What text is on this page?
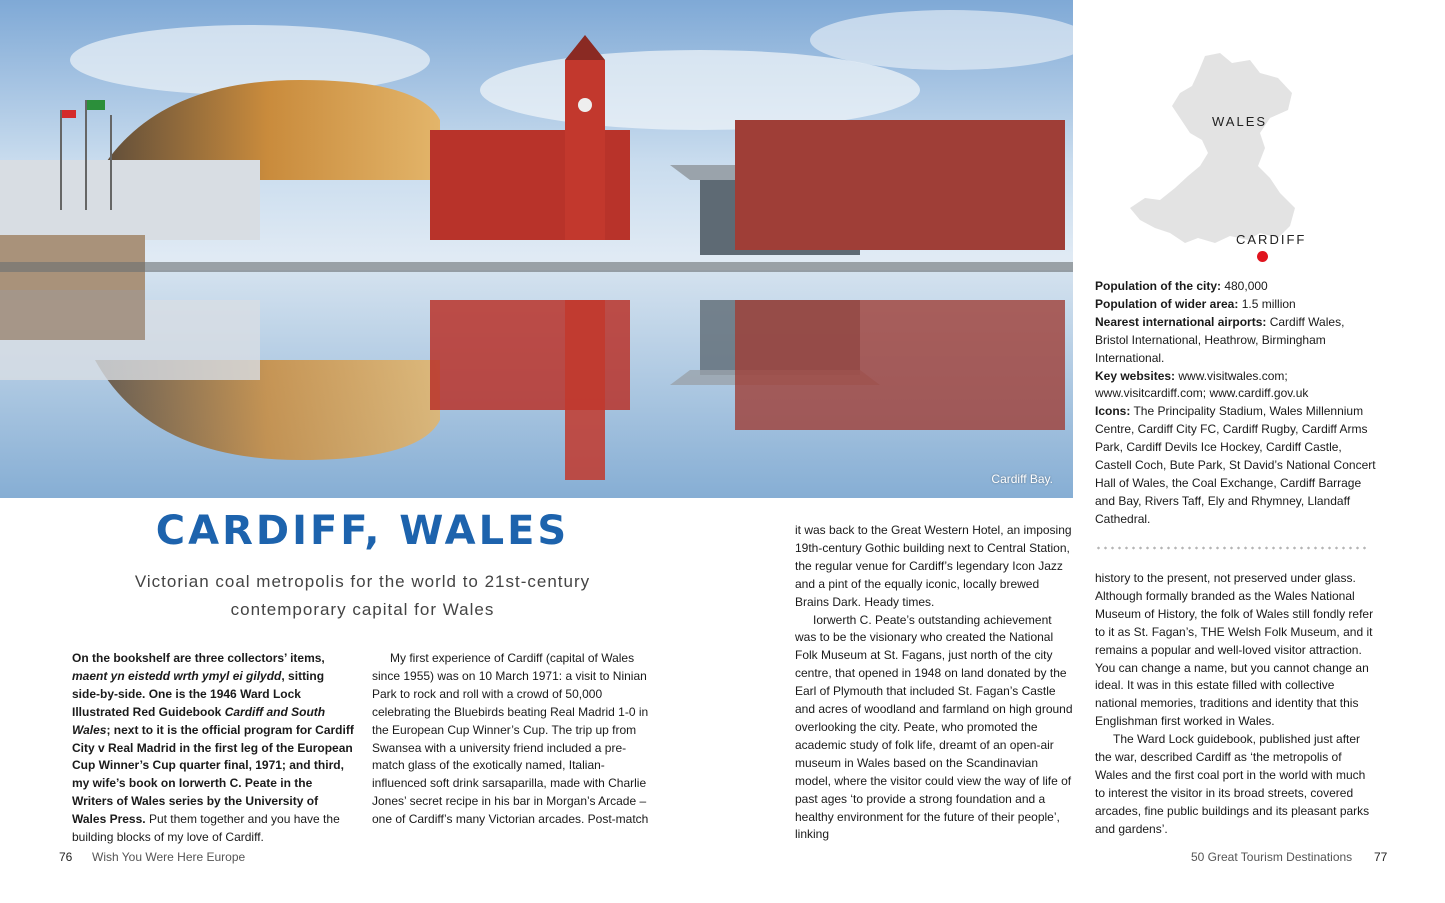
Cardiff Bay.
CARDIFF, WALES
Victorian coal metropolis for the world to 21st-century contemporary capital for Wales

On the bookshelf are three collectors’ items, maent yn eistedd wrth ymyl ei gilydd, sitting side-by-side. One is the 1946 Ward Lock Illustrated Red Guidebook Cardiff and South Wales; next to it is the official program for Cardiff City v Real Madrid in the first leg of the European Cup Winner’s Cup quarter final, 1971; and third, my wife’s book on Iorwerth C. Peate in the Writers of Wales series by the University of Wales Press. Put them together and you have the building blocks of my love of Cardiff.

My first experience of Cardiff (capital of Wales since 1955) was on 10 March 1971: a visit to Ninian Park to rock and roll with a crowd of 50,000 celebrating the Bluebirds beating Real Madrid 1-0 in the European Cup Winner’s Cup. The trip up from Swansea with a university friend included a pre-match glass of the exotically named, Italian-influenced soft drink sarsaparilla, made with Charlie Jones’ secret recipe in his bar in Morgan’s Arcade – one of Cardiff’s many Victorian arcades. Post-match

it was back to the Great Western Hotel, an imposing 19th-century Gothic building next to Central Station, the regular venue for Cardiff’s legendary Icon Jazz and a pint of the equally iconic, locally brewed Brains Dark. Heady times.

Iorwerth C. Peate’s outstanding achievement was to be the visionary who created the National Folk Museum at St. Fagans, just north of the city centre, that opened in 1948 on land donated by the Earl of Plymouth that included St. Fagan’s Castle and acres of woodland and farmland on high ground overlooking the city. Peate, who promoted the academic study of folk life, dreamt of an open-air museum in Wales based on the Scandinavian model, where the visitor could view the way of life of past ages ‘to provide a strong foundation and a healthy environment for the future of their people’, linking

WALES
CARDIFF
Population of the city: 480,000
Population of wider area: 1.5 million
Nearest international airports: Cardiff Wales, Bristol International, Heathrow, Birmingham International.
Key websites: www.visitwales.com; www.visitcardiff.com; www.cardiff.gov.uk
Icons: The Principality Stadium, Wales Millennium Centre, Cardiff City FC, Cardiff Rugby, Cardiff Arms Park, Cardiff Devils Ice Hockey, Cardiff Castle, Castell Coch, Bute Park, St David’s National Concert Hall of Wales, the Coal Exchange, Cardiff Barrage and Bay, Rivers Taff, Ely and Rhymney, Llandaff Cathedral.

history to the present, not preserved under glass. Although formally branded as the Wales National Museum of History, the folk of Wales still fondly refer to it as St. Fagan’s, THE Welsh Folk Museum, and it remains a popular and well-loved visitor attraction. You can change a name, but you cannot change an ideal. It was in this estate filled with collective national memories, traditions and identity that this Englishman first worked in Wales.

The Ward Lock guidebook, published just after the war, described Cardiff as ‘the metropolis of Wales and the first coal port in the world with much to interest the visitor in its broad streets, covered arcades, fine public buildings and its pleasant parks and gardens’.

76 Wish You Were Here Europe	50 Great Tourism Destinations 77
